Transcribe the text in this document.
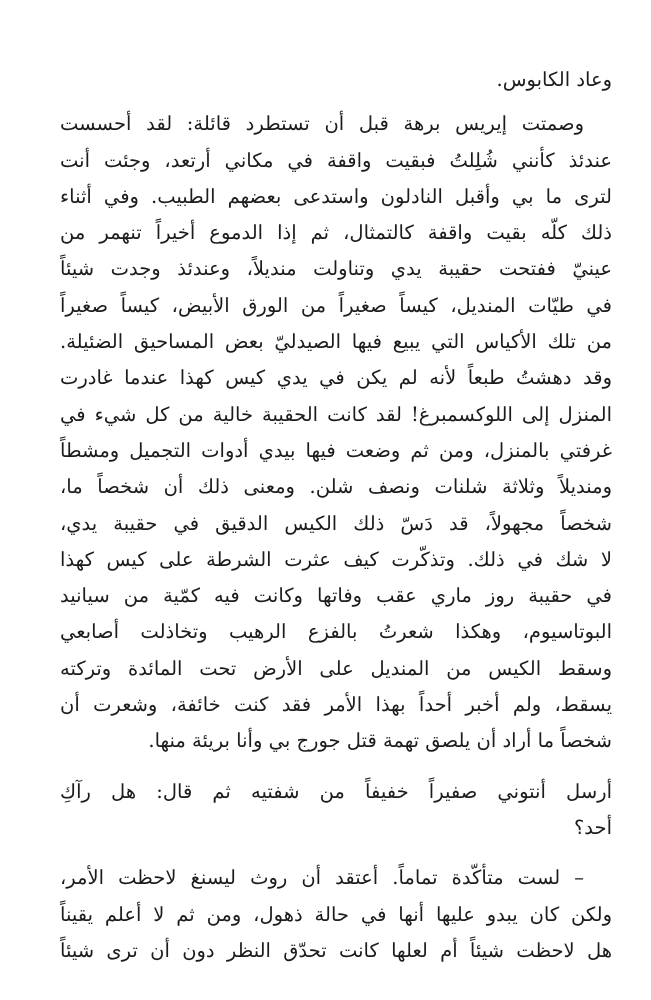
وعاد الكابوس.

وصمتت إيريس برهة قبل أن تستطرد قائلة: لقد أحسست
عندئذ كأنني شُلِلتُ فبقيت واقفة في مكاني أرتعد، وجئت أنت
لترى ما بي وأقبل النادلون واستدعى بعضهم الطبيب. وفي أثناء
ذلك كلّه بقيت واقفة كالتمثال، ثم إذا الدموع أخيراً تنهمر من
عينيّ ففتحت حقيبة يدي وتناولت منديلاً، وعندئذ وجدت شيئاً
في طيّات المنديل، كيساً صغيراً من الورق الأبيض، كيساً صغيراً
من تلك الأكياس التي يبيع فيها الصيدليّ بعض المساحيق الضئيلة.
وقد دهشتُ طبعاً لأنه لم يكن في يدي كيس كهذا عندما غادرت
المنزل إلى اللوكسمبرغ! لقد كانت الحقيبة خالية من كل شيء في
غرفتي بالمنزل، ومن ثم وضعت فيها بيدي أدوات التجميل ومشطاً
ومنديلاً وثلاثة شلنات ونصف شلن. ومعنى ذلك أن شخصاً ما،
شخصاً مجهولاً، قد دَسّ ذلك الكيس الدقيق في حقيبة يدي،
لا شك في ذلك. وتذكّرت كيف عثرت الشرطة على كيس كهذا
في حقيبة روز ماري عقب وفاتها وكانت فيه كمّية من سيانيد
البوتاسيوم، وهكذا شعرتُ بالفزع الرهيب وتخاذلت أصابعي
وسقط الكيس من المنديل على الأرض تحت المائدة وتركته
يسقط، ولم أخبر أحداً بهذا الأمر فقد كنت خائفة، وشعرت أن
شخصاً ما أراد أن يلصق تهمة قتل جورج بي وأنا بريئة منها.

أرسل أنتوني صفيراً خفيفاً من شفتيه ثم قال: هل رآكِ
أحد؟

– لست متأكّدة تماماً. أعتقد أن روث ليسنغ لاحظت الأمر،
ولكن كان يبدو عليها أنها في حالة ذهول، ومن ثم لا أعلم يقيناً
هل لاحظت شيئاً أم لعلها كانت تحدّق النظر دون أن ترى شيئاً
